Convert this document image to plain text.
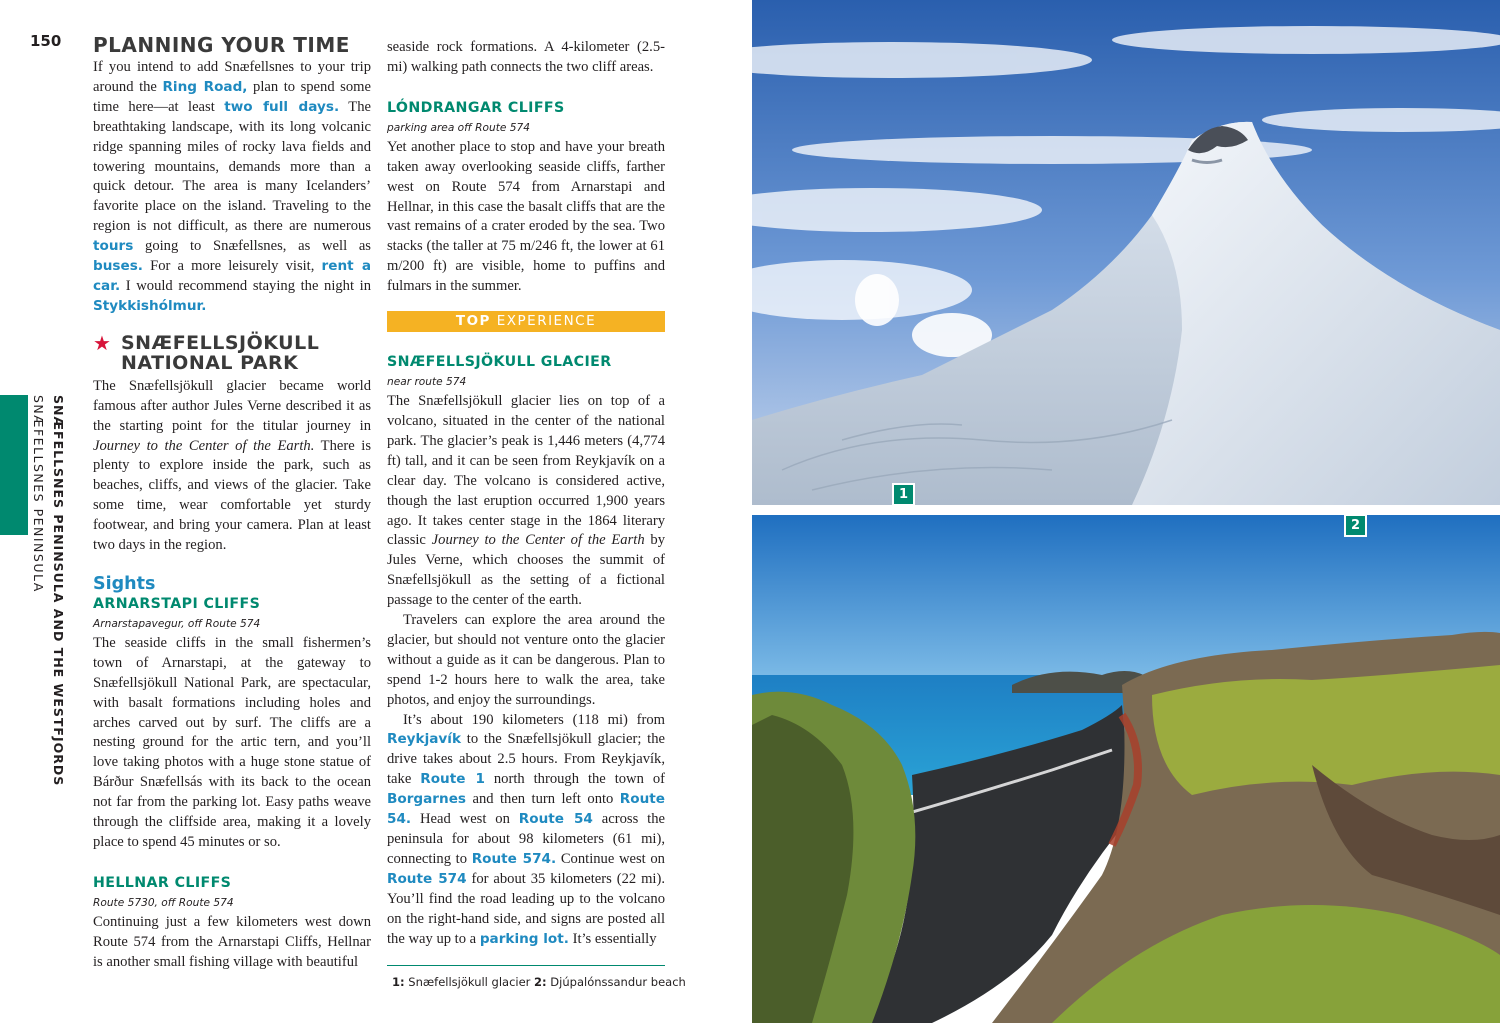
150
SNÆFELLSNES PENINSULA AND THE WESTFJORDS
SNÆFELLSNES PENINSULA
PLANNING YOUR TIME

If you intend to add Snæfellsnes to your trip around the Ring Road, plan to spend some time here—at least two full days. The breathtaking landscape, with its long volcanic ridge spanning miles of rocky lava fields and towering mountains, demands more than a quick detour. The area is many Icelanders’ favorite place on the island. Traveling to the region is not difficult, as there are numerous tours going to Snæfellsnes, as well as buses. For a more leisurely visit, rent a car. I would recommend staying the night in Stykkishólmur.

★ SNÆFELLSJÖKULL
NATIONAL PARK

The Snæfellsjökull glacier became world famous after author Jules Verne described it as the starting point for the titular journey in Journey to the Center of the Earth. There is plenty to explore inside the park, such as beaches, cliffs, and views of the glacier. Take some time, wear comfortable yet sturdy footwear, and bring your camera. Plan at least two days in the region.

Sights
ARNARSTAPI CLIFFS
Arnarstapavegur, off Route 574

The seaside cliffs in the small fishermen’s town of Arnarstapi, at the gateway to Snæfellsjökull National Park, are spectacular, with basalt formations including holes and arches carved out by surf. The cliffs are a nesting ground for the artic tern, and you’ll love taking photos with a huge stone statue of Bárður Snæfellsás with its back to the ocean not far from the parking lot. Easy paths weave through the cliffside area, making it a lovely place to spend 45 minutes or so.

HELLNAR CLIFFS
Route 5730, off Route 574

Continuing just a few kilometers west down Route 574 from the Arnarstapi Cliffs, Hellnar is another small fishing village with beautiful

seaside rock formations. A 4-kilometer (2.5-mi) walking path connects the two cliff areas.

LÓNDRANGAR CLIFFS
parking area off Route 574

Yet another place to stop and have your breath taken away overlooking seaside cliffs, farther west on Route 574 from Arnarstapi and Hellnar, in this case the basalt cliffs that are the vast remains of a crater eroded by the sea. Two stacks (the taller at 75 m/246 ft, the lower at 61 m/200 ft) are visible, home to puffins and fulmars in the summer.

TOP EXPERIENCE
SNÆFELLSJÖKULL GLACIER
near route 574

The Snæfellsjökull glacier lies on top of a volcano, situated in the center of the national park. The glacier’s peak is 1,446 meters (4,774 ft) tall, and it can be seen from Reykjavík on a clear day. The volcano is considered active, though the last eruption occurred 1,900 years ago. It takes center stage in the 1864 literary classic Journey to the Center of the Earth by Jules Verne, which chooses the summit of Snæfellsjökull as the setting of a fictional passage to the center of the earth.

Travelers can explore the area around the glacier, but should not venture onto the glacier without a guide as it can be dangerous. Plan to spend 1-2 hours here to walk the area, take photos, and enjoy the surroundings.

It’s about 190 kilometers (118 mi) from Reykjavík to the Snæfellsjökull glacier; the drive takes about 2.5 hours. From Reykjavík, take Route 1 north through the town of Borgarnes and then turn left onto Route 54. Head west on Route 54 across the peninsula for about 98 kilometers (61 mi), connecting to Route 574. Continue west on Route 574 for about 35 kilometers (22 mi). You’ll find the road leading up to the volcano on the right-hand side, and signs are posted all the way up to a parking lot. It’s essentially

1: Snæfellsjökull glacier 2: Djúpalónssandur beach
1
2
